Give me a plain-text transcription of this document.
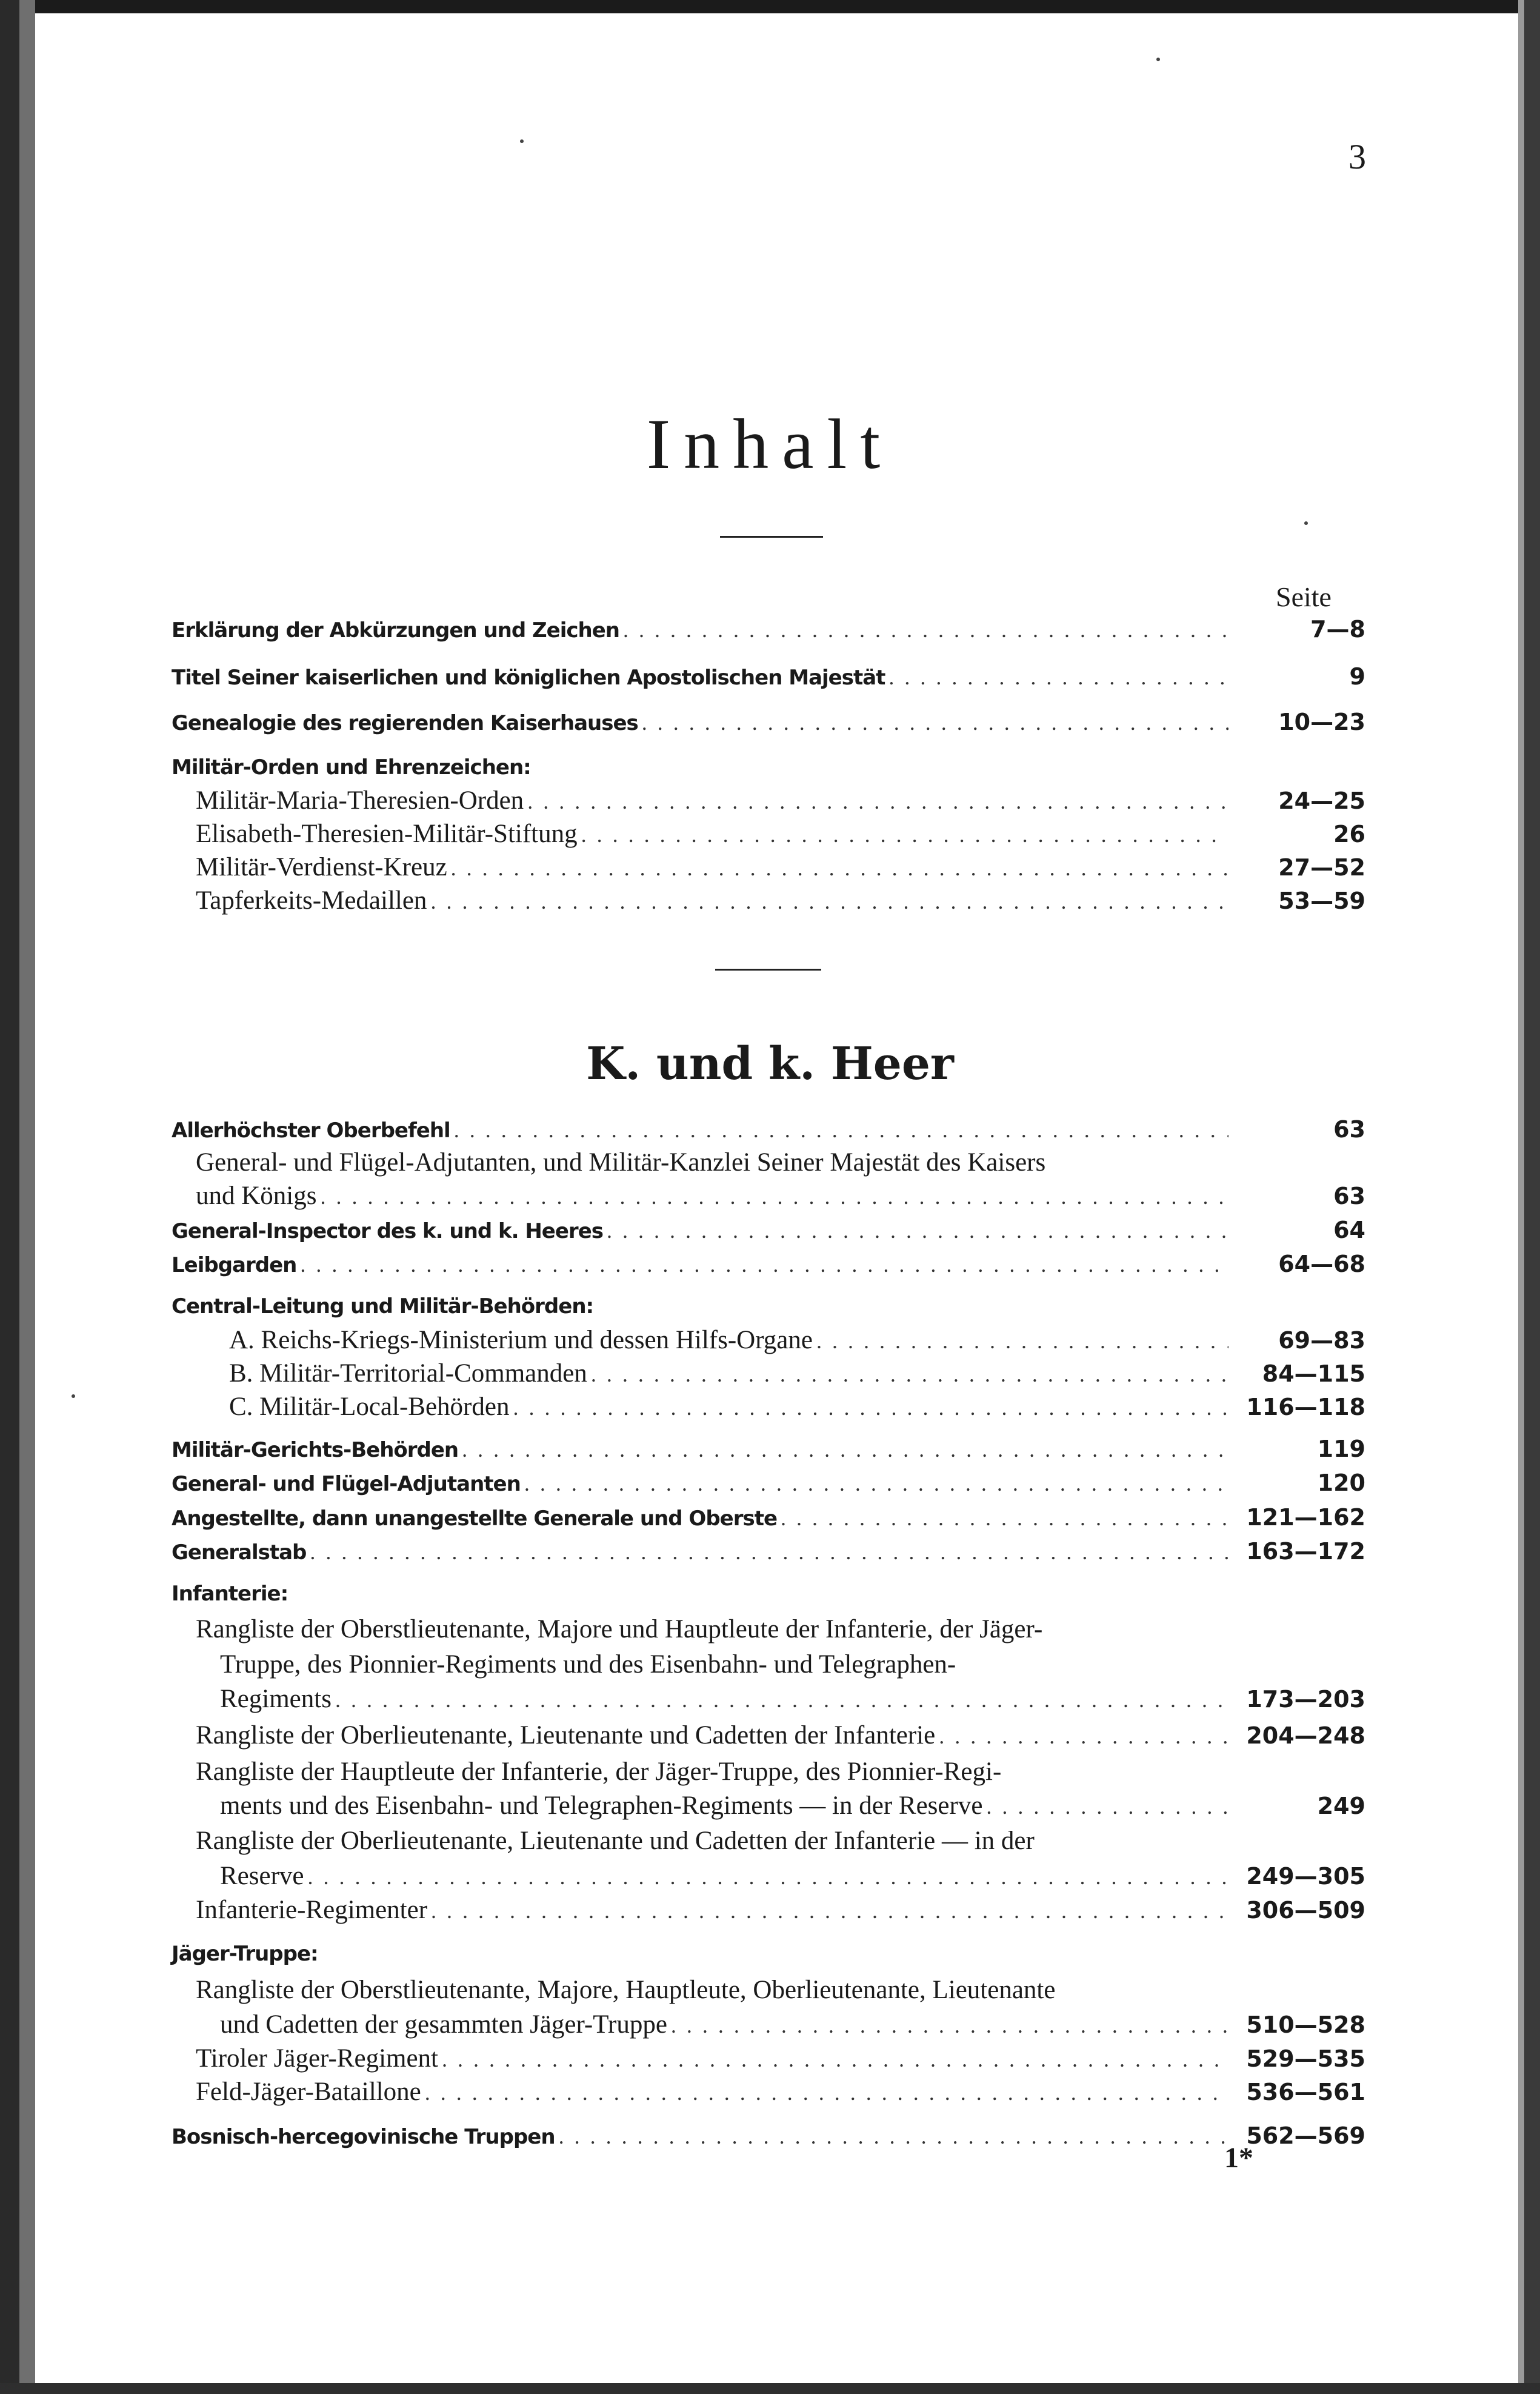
3
Inhalt
Seite
Erklärung der Abkürzungen und Zeichen . . .	7—8
Titel Seiner kaiserlichen und königlichen Apostolischen Majestät . . .	9
Genealogie des regierenden Kaiserhauses . . .	10—23
Militär-Orden und Ehrenzeichen:
Militär-Maria-Theresien-Orden . . .	24—25
Elisabeth-Theresien-Militär-Stiftung . . .	26
Militär-Verdienst-Kreuz . . .	27—52
Tapferkeits-Medaillen . . .	53—59
K. und k. Heer
Allerhöchster Oberbefehl . . .	63
General- und Flügel-Adjutanten, und Militär-Kanzlei Seiner Majestät des Kaisers
und Königs . . .	63
General-Inspector des k. und k. Heeres . . .	64
Leibgarden . . .	64—68
Central-Leitung und Militär-Behörden:
A. Reichs-Kriegs-Ministerium und dessen Hilfs-Organe . . .	69—83
B. Militär-Territorial-Commanden . . .	84—115
C. Militär-Local-Behörden . . .	116—118
Militär-Gerichts-Behörden . . .	119
General- und Flügel-Adjutanten . . .	120
Angestellte, dann unangestellte Generale und Oberste . . .	121—162
Generalstab . . .	163—172
Infanterie:
Rangliste der Oberstlieutenante, Majore und Hauptleute der Infanterie, der Jäger-
Truppe, des Pionnier-Regiments und des Eisenbahn- und Telegraphen-
Regiments . . .	173—203
Rangliste der Oberlieutenante, Lieutenante und Cadetten der Infanterie . . .	204—248
Rangliste der Hauptleute der Infanterie, der Jäger-Truppe, des Pionnier-Regi-
ments und des Eisenbahn- und Telegraphen-Regiments — in der Reserve . . .	249
Rangliste der Oberlieutenante, Lieutenante und Cadetten der Infanterie — in der
Reserve . . .	249—305
Infanterie-Regimenter . . .	306—509
Jäger-Truppe:
Rangliste der Oberstlieutenante, Majore, Hauptleute, Oberlieutenante, Lieutenante
und Cadetten der gesammten Jäger-Truppe . . .	510—528
Tiroler Jäger-Regiment . . .	529—535
Feld-Jäger-Bataillone . . .	536—561
Bosnisch-hercegovinische Truppen . . .	562—569
1*
